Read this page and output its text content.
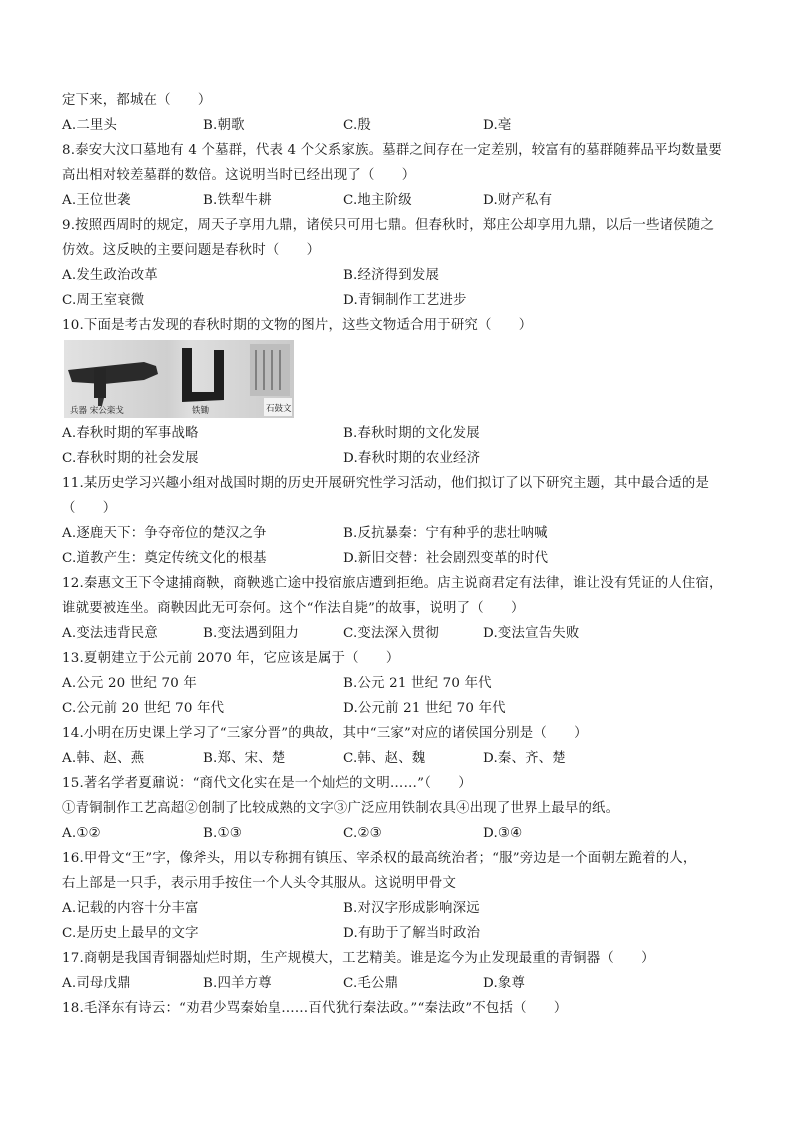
定下来，都城在（　　）
A.二里头	B.朝歌	C.殷	D.亳
8.泰安大汶口墓地有 4 个墓群，代表 4 个父系家族。墓群之间存在一定差别，较富有的墓群随葬品平均数量要
高出相对较差墓群的数倍。这说明当时已经出现了（　　）
A.王位世袭	B.铁犁牛耕	C.地主阶级	D.财产私有
9.按照西周时的规定，周天子享用九鼎，诸侯只可用七鼎。但春秋时，郑庄公却享用九鼎，以后一些诸侯随之
仿效。这反映的主要问题是春秋时（　　）
A.发生政治改革	B.经济得到发展
C.周王室衰微	D.青铜制作工艺进步
10.下面是考古发现的春秋时期的文物的图片，这些文物适合用于研究（　　）
兵器 宋公栾戈	铁锄	石鼓文
A.春秋时期的军事战略	B.春秋时期的文化发展
C.春秋时期的社会发展	D.春秋时期的农业经济
11.某历史学习兴趣小组对战国时期的历史开展研究性学习活动，他们拟订了以下研究主题，其中最合适的是
（　　）
A.逐鹿天下：争夺帝位的楚汉之争	B.反抗暴秦：宁有种乎的悲壮呐喊
C.道教产生：奠定传统文化的根基	D.新旧交替：社会剧烈变革的时代
12.秦惠文王下令逮捕商鞅，商鞅逃亡途中投宿旅店遭到拒绝。店主说商君定有法律，谁让没有凭证的人住宿，
谁就要被连坐。商鞅因此无可奈何。这个“作法自毙”的故事，说明了（　　）
A.变法违背民意	B.变法遇到阻力	C.变法深入贯彻	D.变法宣告失败
13.夏朝建立于公元前 2070 年，它应该是属于（　　）
A.公元 20 世纪 70 年	B.公元 21 世纪 70 年代
C.公元前 20 世纪 70 年代	D.公元前 21 世纪 70 年代
14.小明在历史课上学习了“三家分晋”的典故，其中“三家”对应的诸侯国分别是（　　）
A.韩、赵、燕	B.郑、宋、楚	C.韩、赵、魏	D.秦、齐、楚
15.著名学者夏鼐说：“商代文化实在是一个灿烂的文明……”（　　）
①青铜制作工艺高超②创制了比较成熟的文字③广泛应用铁制农具④出现了世界上最早的纸。
A.①②	B.①③	C.②③	D.③④
16.甲骨文“王”字，像斧头，用以专称拥有镇压、宰杀权的最高统治者；“服”旁边是一个面朝左跪着的人，
右上部是一只手，表示用手按住一个人头令其服从。这说明甲骨文
A.记载的内容十分丰富	B.对汉字形成影响深远
C.是历史上最早的文字	D.有助于了解当时政治
17.商朝是我国青铜器灿烂时期，生产规模大，工艺精美。谁是迄今为止发现最重的青铜器（　　）
A.司母戊鼎	B.四羊方尊	C.毛公鼎	D.象尊
18.毛泽东有诗云：“劝君少骂秦始皇……百代犹行秦法政。”“秦法政”不包括（　　）
